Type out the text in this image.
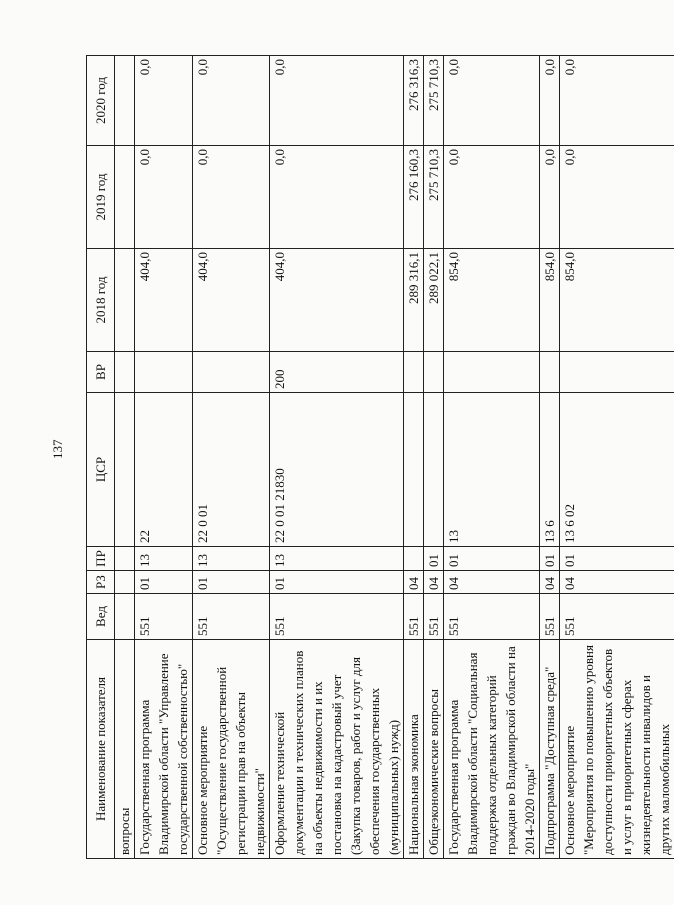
137
Наименование показателя	Вед	РЗ	ПР	ЦСР	ВР	2018 год	2019 год	2020 год
вопросы								
Государственная программа Владимирской области "Управление государственной собственностью"	551	01	13	22		404,0	0,0	0,0
Основное мероприятие "Осуществление государственной регистрации прав на объекты недвижимости"	551	01	13	22 0 01		404,0	0,0	0,0
Оформление технической документации и технических планов на объекты недвижимости и их постановка на кадастровый учет (Закупка товаров, работ и услуг для обеспечения государственных (муниципальных) нужд)	551	01	13	22 0 01 21830	200	404,0	0,0	0,0
Национальная экономика	551	04				289 316,1	276 160,3	276 316,3
Общеэкономические вопросы	551	04	01			289 022,1	275 710,3	275 710,3
Государственная программа Владимирской области "Социальная поддержка отдельных категорий граждан во Владимирской области на 2014-2020 годы"	551	04	01	13		854,0	0,0	0,0
Подпрограмма "Доступная среда"	551	04	01	13 6		854,0	0,0	0,0
Основное мероприятие "Мероприятия по повышению уровня доступности приоритетных объектов и услуг в приоритетных сферах жизнедеятельности инвалидов и других маломобильных	551	04	01	13 6 02		854,0	0,0	0,0
